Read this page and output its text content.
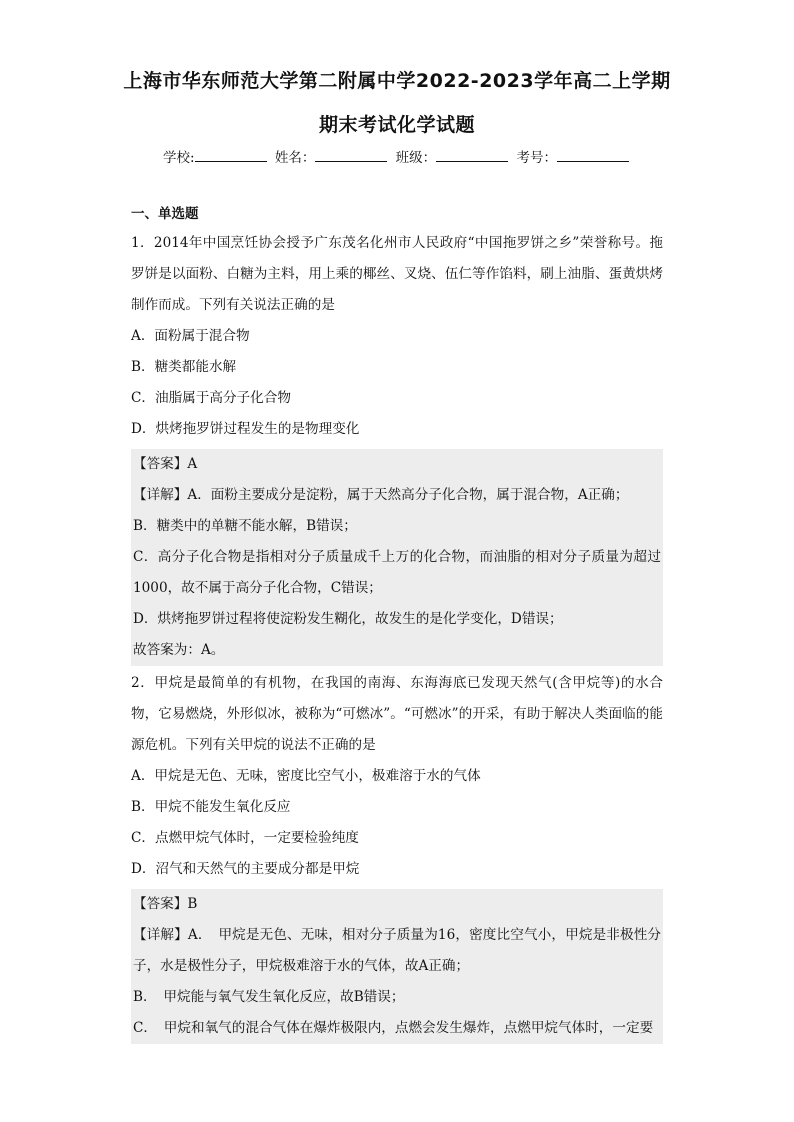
上海市华东师范大学第二附属中学2022-2023学年高二上学期
期末考试化学试题
学校:	姓名：	班级：	考号：
一、单选题

1．2014年中国烹饪协会授予广东茂名化州市人民政府“中国拖罗饼之乡”荣誉称号。拖罗饼是以面粉、白糖为主料，用上乘的椰丝、叉烧、伍仁等作馅料，刷上油脂、蛋黄烘烤制作而成。下列有关说法正确的是

A．面粉属于混合物

B．糖类都能水解

C．油脂属于高分子化合物

D．烘烤拖罗饼过程发生的是物理变化

【答案】A

【详解】A．面粉主要成分是淀粉，属于天然高分子化合物，属于混合物，A正确；

B．糖类中的单糖不能水解，B错误；

C．高分子化合物是指相对分子质量成千上万的化合物，而油脂的相对分子质量为超过1000，故不属于高分子化合物，C错误；

D．烘烤拖罗饼过程将使淀粉发生糊化，故发生的是化学变化，D错误；

故答案为：A。

2．甲烷是最简单的有机物，在我国的南海、东海海底已发现天然气(含甲烷等)的水合物，它易燃烧，外形似冰，被称为“可燃冰”。“可燃冰”的开采，有助于解决人类面临的能源危机。下列有关甲烷的说法不正确的是

A．甲烷是无色、无味，密度比空气小，极难溶于水的气体

B．甲烷不能发生氧化反应

C．点燃甲烷气体时，一定要检验纯度

D．沼气和天然气的主要成分都是甲烷

【答案】B

【详解】A．　甲烷是无色、无味，相对分子质量为16，密度比空气小，甲烷是非极性分子，水是极性分子，甲烷极难溶于水的气体，故A正确；

B．　甲烷能与氧气发生氧化反应，故B错误；

C．　甲烷和氧气的混合气体在爆炸极限内，点燃会发生爆炸，点燃甲烷气体时，一定要
